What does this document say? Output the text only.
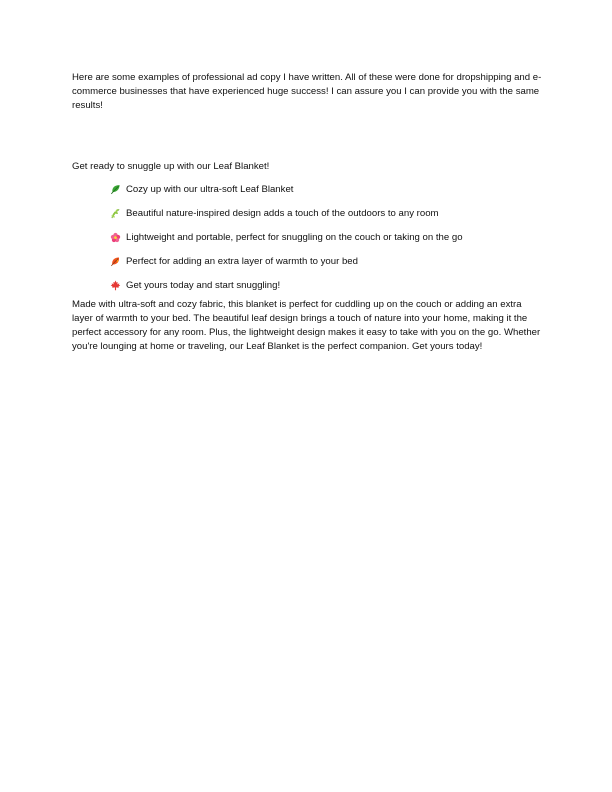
Here are some examples of professional ad copy I have written. All of these were done for dropshipping and e-commerce businesses that have experienced huge success! I can assure you I can provide you with the same results!

Get ready to snuggle up with our Leaf Blanket!

Cozy up with our ultra-soft Leaf Blanket
Beautiful nature-inspired design adds a touch of the outdoors to any room
Lightweight and portable, perfect for snuggling on the couch or taking on the go
Perfect for adding an extra layer of warmth to your bed
Get yours today and start snuggling!

Made with ultra-soft and cozy fabric, this blanket is perfect for cuddling up on the couch or adding an extra layer of warmth to your bed. The beautiful leaf design brings a touch of nature into your home, making it the perfect accessory for any room. Plus, the lightweight design makes it easy to take with you on the go. Whether you're lounging at home or traveling, our Leaf Blanket is the perfect companion. Get yours today!
